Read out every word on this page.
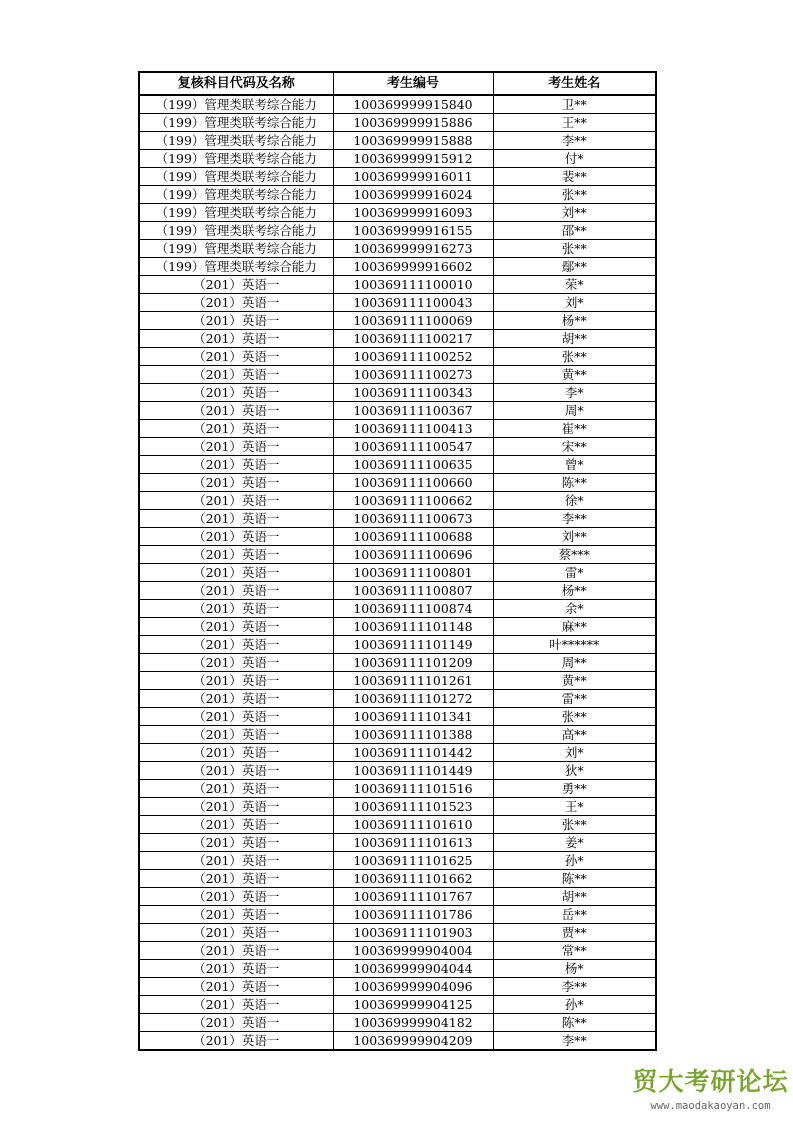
复核科目代码及名称	考生编号	考生姓名
（199）管理类联考综合能力	100369999915840	卫**
（199）管理类联考综合能力	100369999915886	王**
（199）管理类联考综合能力	100369999915888	李**
（199）管理类联考综合能力	100369999915912	付*
（199）管理类联考综合能力	100369999916011	裴**
（199）管理类联考综合能力	100369999916024	张**
（199）管理类联考综合能力	100369999916093	刘**
（199）管理类联考综合能力	100369999916155	邵**
（199）管理类联考综合能力	100369999916273	张**
（199）管理类联考综合能力	100369999916602	鄢**
（201）英语一	100369111100010	荣*
（201）英语一	100369111100043	刘*
（201）英语一	100369111100069	杨**
（201）英语一	100369111100217	胡**
（201）英语一	100369111100252	张**
（201）英语一	100369111100273	黄**
（201）英语一	100369111100343	李*
（201）英语一	100369111100367	周*
（201）英语一	100369111100413	崔**
（201）英语一	100369111100547	宋**
（201）英语一	100369111100635	曾*
（201）英语一	100369111100660	陈**
（201）英语一	100369111100662	徐*
（201）英语一	100369111100673	李**
（201）英语一	100369111100688	刘**
（201）英语一	100369111100696	蔡***
（201）英语一	100369111100801	雷*
（201）英语一	100369111100807	杨**
（201）英语一	100369111100874	余*
（201）英语一	100369111101148	麻**
（201）英语一	100369111101149	叶******
（201）英语一	100369111101209	周**
（201）英语一	100369111101261	黄**
（201）英语一	100369111101272	雷**
（201）英语一	100369111101341	张**
（201）英语一	100369111101388	高**
（201）英语一	100369111101442	刘*
（201）英语一	100369111101449	狄*
（201）英语一	100369111101516	勇**
（201）英语一	100369111101523	王*
（201）英语一	100369111101610	张**
（201）英语一	100369111101613	姜*
（201）英语一	100369111101625	孙*
（201）英语一	100369111101662	陈**
（201）英语一	100369111101767	胡**
（201）英语一	100369111101786	岳**
（201）英语一	100369111101903	贾**
（201）英语一	100369999904004	常**
（201）英语一	100369999904044	杨*
（201）英语一	100369999904096	李**
（201）英语一	100369999904125	孙*
（201）英语一	100369999904182	陈**
（201）英语一	100369999904209	李**
贸大考研论坛
www.maodakaoyan.com
